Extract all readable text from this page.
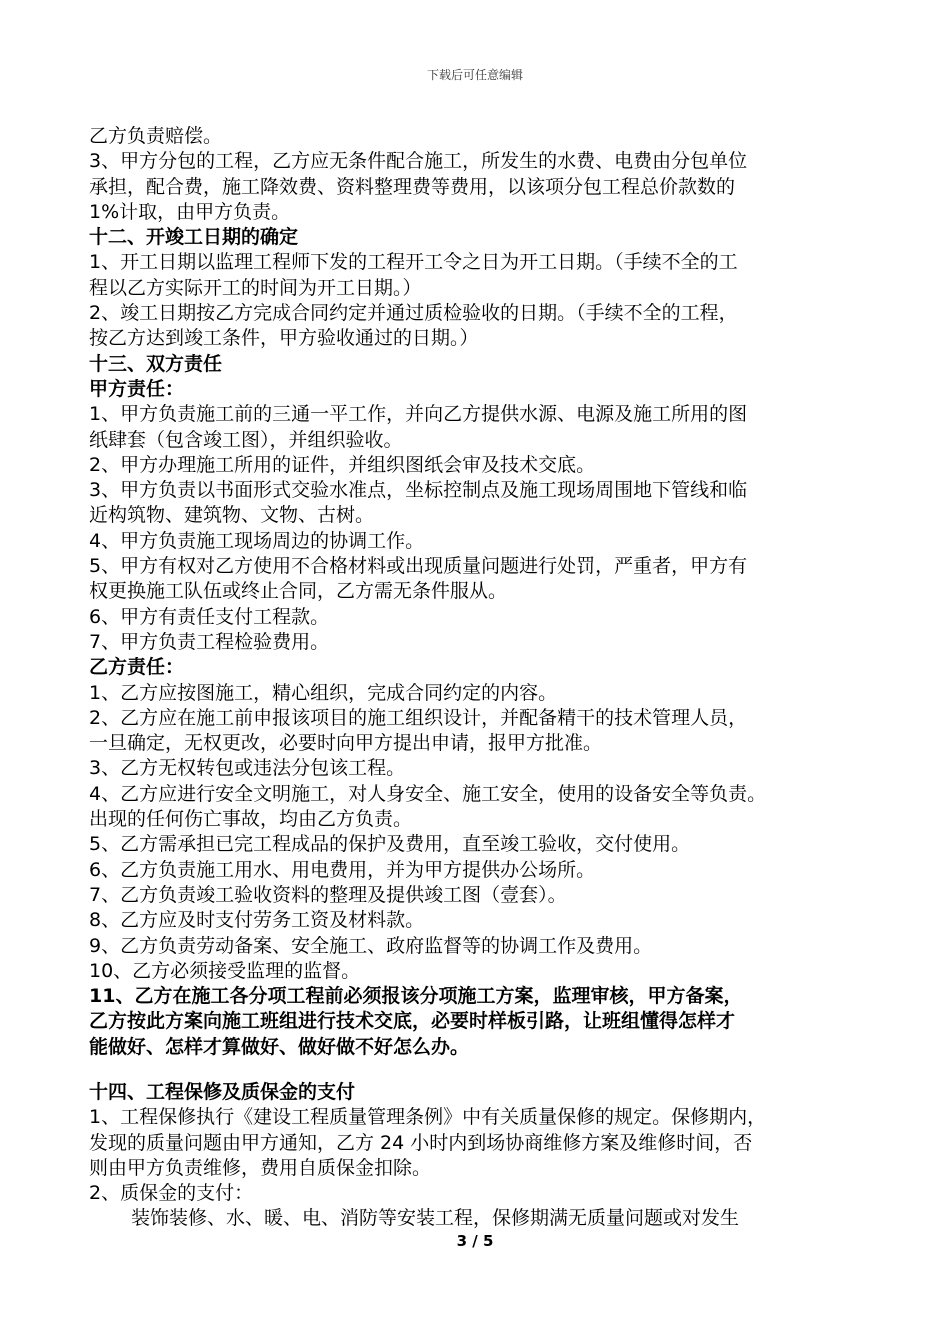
下载后可任意编辑
乙方负责赔偿。
3、甲方分包的工程，乙方应无条件配合施工，所发生的水费、电费由分包单位
承担，配合费，施工降效费、资料整理费等费用，以该项分包工程总价款数的
1%计取，由甲方负责。
十二、开竣工日期的确定
1、开工日期以监理工程师下发的工程开工令之日为开工日期。（手续不全的工
程以乙方实际开工的时间为开工日期。）
2、竣工日期按乙方完成合同约定并通过质检验收的日期。（手续不全的工程，
按乙方达到竣工条件，甲方验收通过的日期。）
十三、双方责任
甲方责任：
1、甲方负责施工前的三通一平工作，并向乙方提供水源、电源及施工所用的图
纸肆套（包含竣工图），并组织验收。
2、甲方办理施工所用的证件，并组织图纸会审及技术交底。
3、甲方负责以书面形式交验水准点，坐标控制点及施工现场周围地下管线和临
近构筑物、建筑物、文物、古树。
4、甲方负责施工现场周边的协调工作。
5、甲方有权对乙方使用不合格材料或出现质量问题进行处罚，严重者，甲方有
权更换施工队伍或终止合同，乙方需无条件服从。
6、甲方有责任支付工程款。
7、甲方负责工程检验费用。
乙方责任：
1、乙方应按图施工，精心组织，完成合同约定的内容。
2、乙方应在施工前申报该项目的施工组织设计，并配备精干的技术管理人员，
一旦确定，无权更改，必要时向甲方提出申请，报甲方批准。
3、乙方无权转包或违法分包该工程。
4、乙方应进行安全文明施工，对人身安全、施工安全，使用的设备安全等负责。
出现的任何伤亡事故，均由乙方负责。
5、乙方需承担已完工程成品的保护及费用，直至竣工验收，交付使用。
6、乙方负责施工用水、用电费用，并为甲方提供办公场所。
7、乙方负责竣工验收资料的整理及提供竣工图（壹套）。
8、乙方应及时支付劳务工资及材料款。
9、乙方负责劳动备案、安全施工、政府监督等的协调工作及费用。
10、乙方必须接受监理的监督。
11、乙方在施工各分项工程前必须报该分项施工方案，监理审核，甲方备案，
乙方按此方案向施工班组进行技术交底，必要时样板引路，让班组懂得怎样才
能做好、怎样才算做好、做好做不好怎么办。
十四、工程保修及质保金的支付
1、工程保修执行《建设工程质量管理条例》中有关质量保修的规定。保修期内，
发现的质量问题由甲方通知，乙方 24 小时内到场协商维修方案及维修时间，否
则由甲方负责维修，费用自质保金扣除。
2、质保金的支付：
装饰装修、水、暖、电、消防等安装工程，保修期满无质量问题或对发生
3 / 5
